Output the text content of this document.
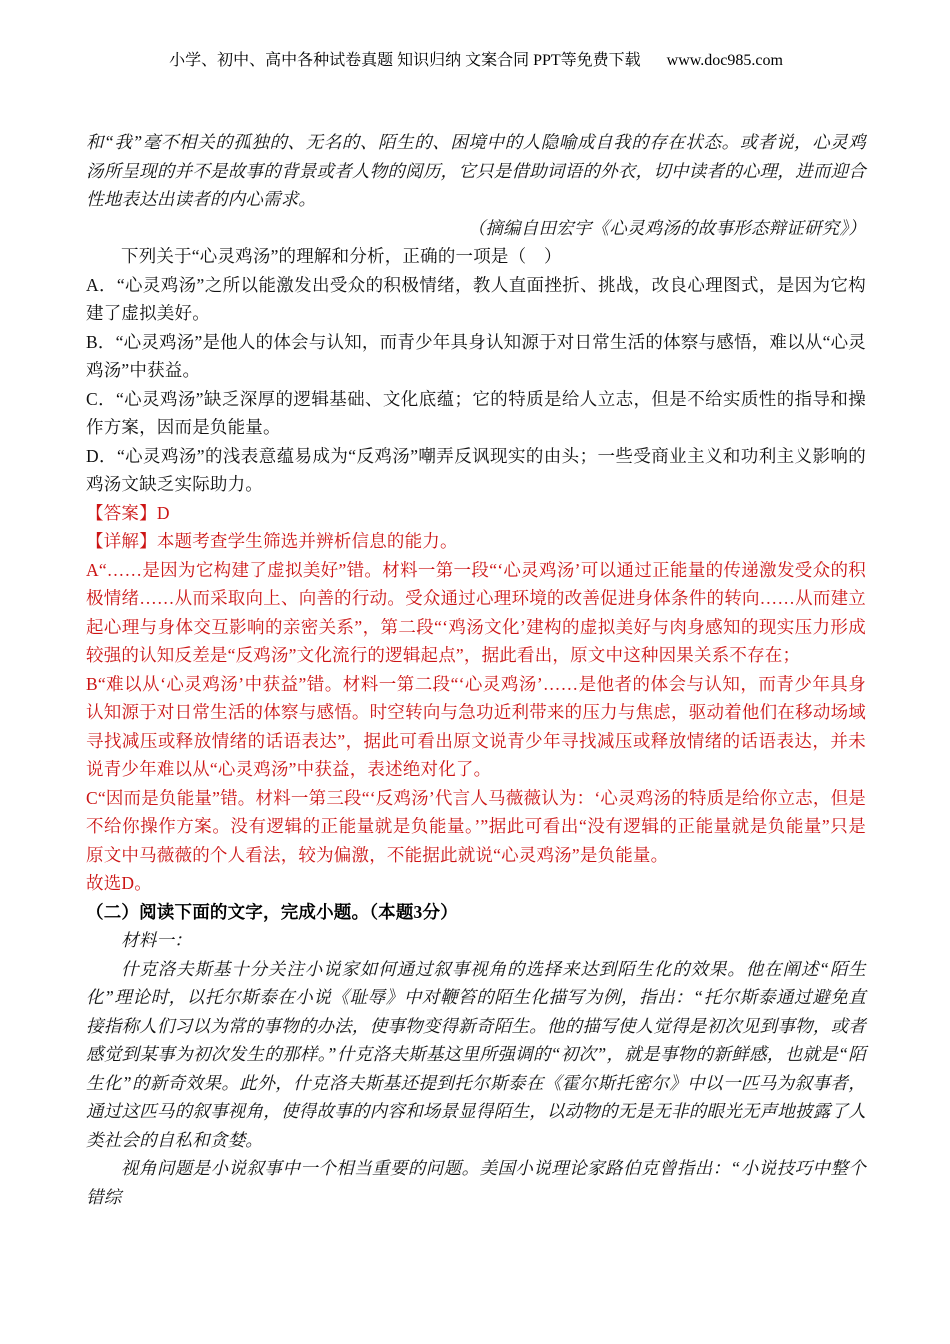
小学、初中、高中各种试卷真题 知识归纳 文案合同 PPT等免费下载 www.doc985.com

和“我”毫不相关的孤独的、无名的、陌生的、困境中的人隐喻成自我的存在状态。或者说，心灵鸡汤所呈现的并不是故事的背景或者人物的阅历，它只是借助词语的外衣，切中读者的心理，进而迎合性地表达出读者的内心需求。

（摘编自田宏宇《心灵鸡汤的故事形态辩证研究》）

下列关于“心灵鸡汤”的理解和分析，正确的一项是（　）

A．“心灵鸡汤”之所以能激发出受众的积极情绪，教人直面挫折、挑战，改良心理图式，是因为它构建了虚拟美好。

B．“心灵鸡汤”是他人的体会与认知，而青少年具身认知源于对日常生活的体察与感悟，难以从“心灵鸡汤”中获益。

C．“心灵鸡汤”缺乏深厚的逻辑基础、文化底蕴；它的特质是给人立志，但是不给实质性的指导和操作方案，因而是负能量。

D．“心灵鸡汤”的浅表意蕴易成为“反鸡汤”嘲弄反讽现实的由头；一些受商业主义和功利主义影响的鸡汤文缺乏实际助力。

【答案】D

【详解】本题考查学生筛选并辨析信息的能力。

A“……是因为它构建了虚拟美好”错。材料一第一段“‘心灵鸡汤’可以通过正能量的传递激发受众的积极情绪……从而采取向上、向善的行动。受众通过心理环境的改善促进身体条件的转向……从而建立起心理与身体交互影响的亲密关系”，第二段“‘鸡汤文化’建构的虚拟美好与肉身感知的现实压力形成较强的认知反差是“反鸡汤”文化流行的逻辑起点”，据此看出，原文中这种因果关系不存在；

B“难以从‘心灵鸡汤’中获益”错。材料一第二段“‘心灵鸡汤’……是他者的体会与认知，而青少年具身认知源于对日常生活的体察与感悟。时空转向与急功近利带来的压力与焦虑，驱动着他们在移动场域寻找减压或释放情绪的话语表达”，据此可看出原文说青少年寻找减压或释放情绪的话语表达，并未说青少年难以从“心灵鸡汤”中获益，表述绝对化了。

C“因而是负能量”错。材料一第三段“‘反鸡汤’代言人马薇薇认为：‘心灵鸡汤的特质是给你立志，但是不给你操作方案。没有逻辑的正能量就是负能量。’”据此可看出“没有逻辑的正能量就是负能量”只是原文中马薇薇的个人看法，较为偏激，不能据此就说“心灵鸡汤”是负能量。

故选D。

（二）阅读下面的文字，完成小题。（本题3分）

材料一：

什克洛夫斯基十分关注小说家如何通过叙事视角的选择来达到陌生化的效果。他在阐述“陌生化”理论时，以托尔斯泰在小说《耻辱》中对鞭笞的陌生化描写为例，指出：“托尔斯泰通过避免直接指称人们习以为常的事物的办法，使事物变得新奇陌生。他的描写使人觉得是初次见到事物，或者感觉到某事为初次发生的那样。”什克洛夫斯基这里所强调的“初次”，就是事物的新鲜感，也就是“陌生化”的新奇效果。此外，什克洛夫斯基还提到托尔斯泰在《霍尔斯托密尔》中以一匹马为叙事者，通过这匹马的叙事视角，使得故事的内容和场景显得陌生，以动物的无是无非的眼光无声地披露了人类社会的自私和贪婪。

视角问题是小说叙事中一个相当重要的问题。美国小说理论家路伯克曾指出：“小说技巧中整个错综
